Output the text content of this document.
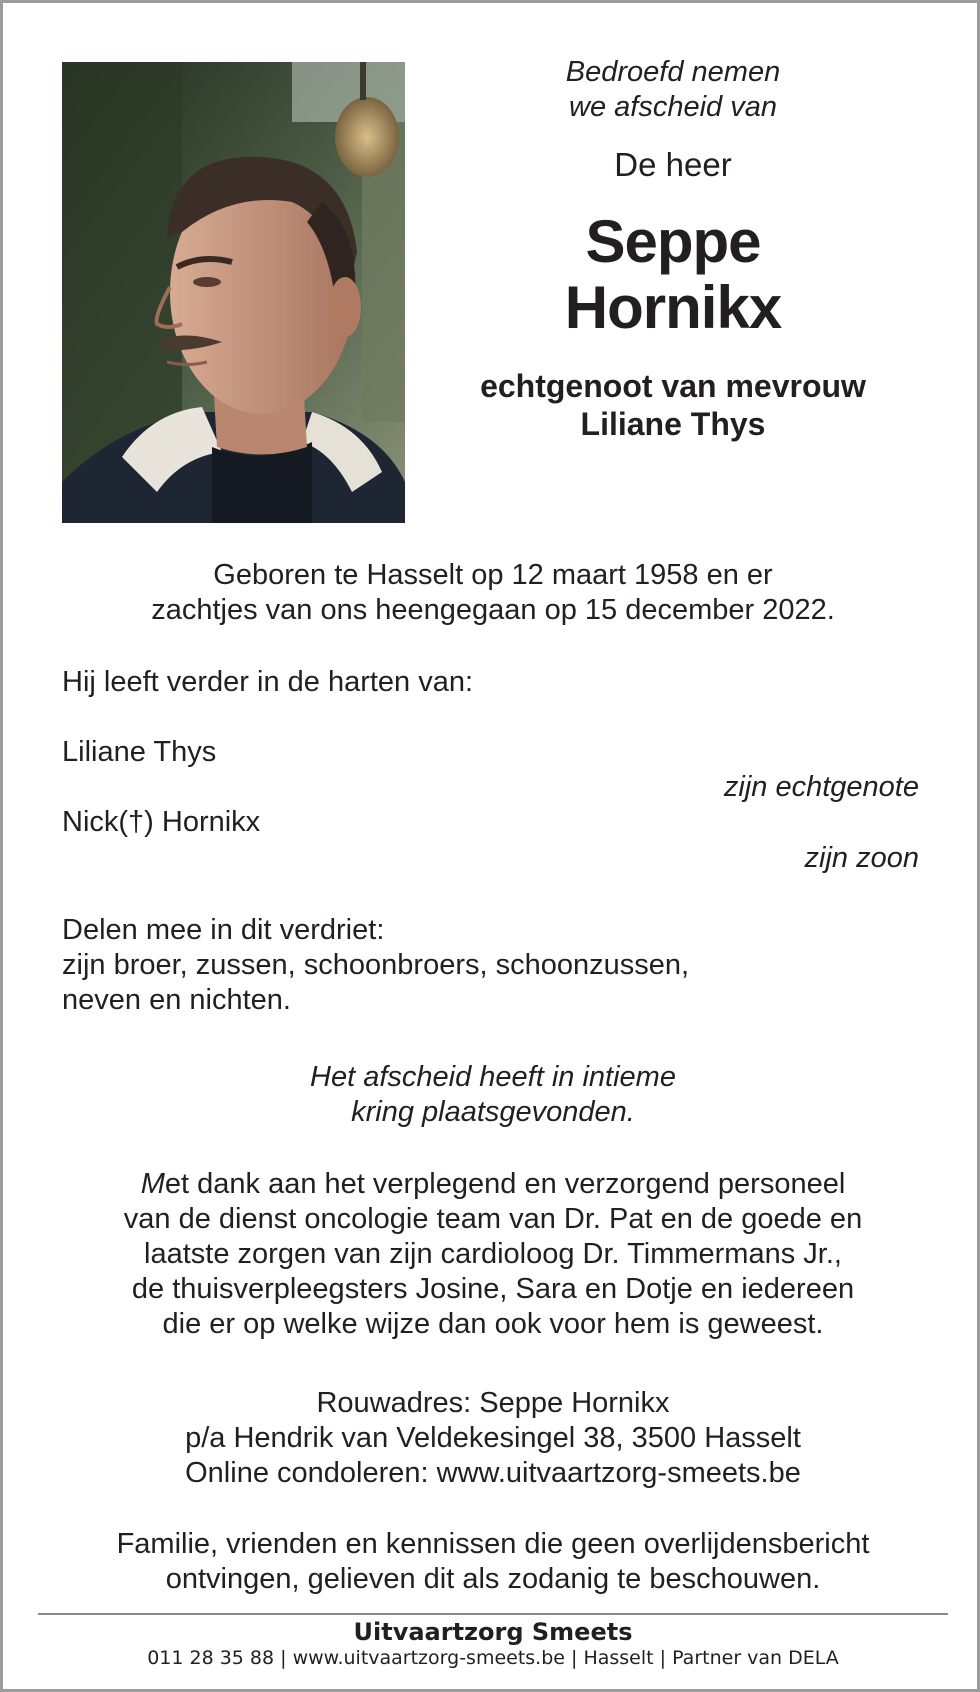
Bedroefd nemen

we afscheid van

De heer
Seppe
Hornikx
echtgenoot van mevrouw
Liliane Thys

Geboren te Hasselt op 12 maart 1958 en er

zachtjes van ons heengegaan op 15 december 2022.

Hij leeft verder in de harten van:
Liliane Thys
zijn echtgenote
Nick(†) Hornikx
zijn zoon

Delen mee in dit verdriet:

zijn broer, zussen, schoonbroers, schoonzussen,

neven en nichten.

Het afscheid heeft in intieme

kring plaatsgevonden.

Met dank aan het verplegend en verzorgend personeel

van de dienst oncologie team van Dr. Pat en de goede en

laatste zorgen van zijn cardioloog Dr. Timmermans Jr.,

de thuisverpleegsters Josine, Sara en Dotje en iedereen

die er op welke wijze dan ook voor hem is geweest.

Rouwadres: Seppe Hornikx

p/a Hendrik van Veldekesingel 38, 3500 Hasselt

Online condoleren: www.uitvaartzorg-smeets.be

Familie, vrienden en kennissen die geen overlijdensbericht

ontvingen, gelieven dit als zodanig te beschouwen.

Uitvaartzorg Smeets
011 28 35 88 | www.uitvaartzorg-smeets.be | Hasselt | Partner van DELA
